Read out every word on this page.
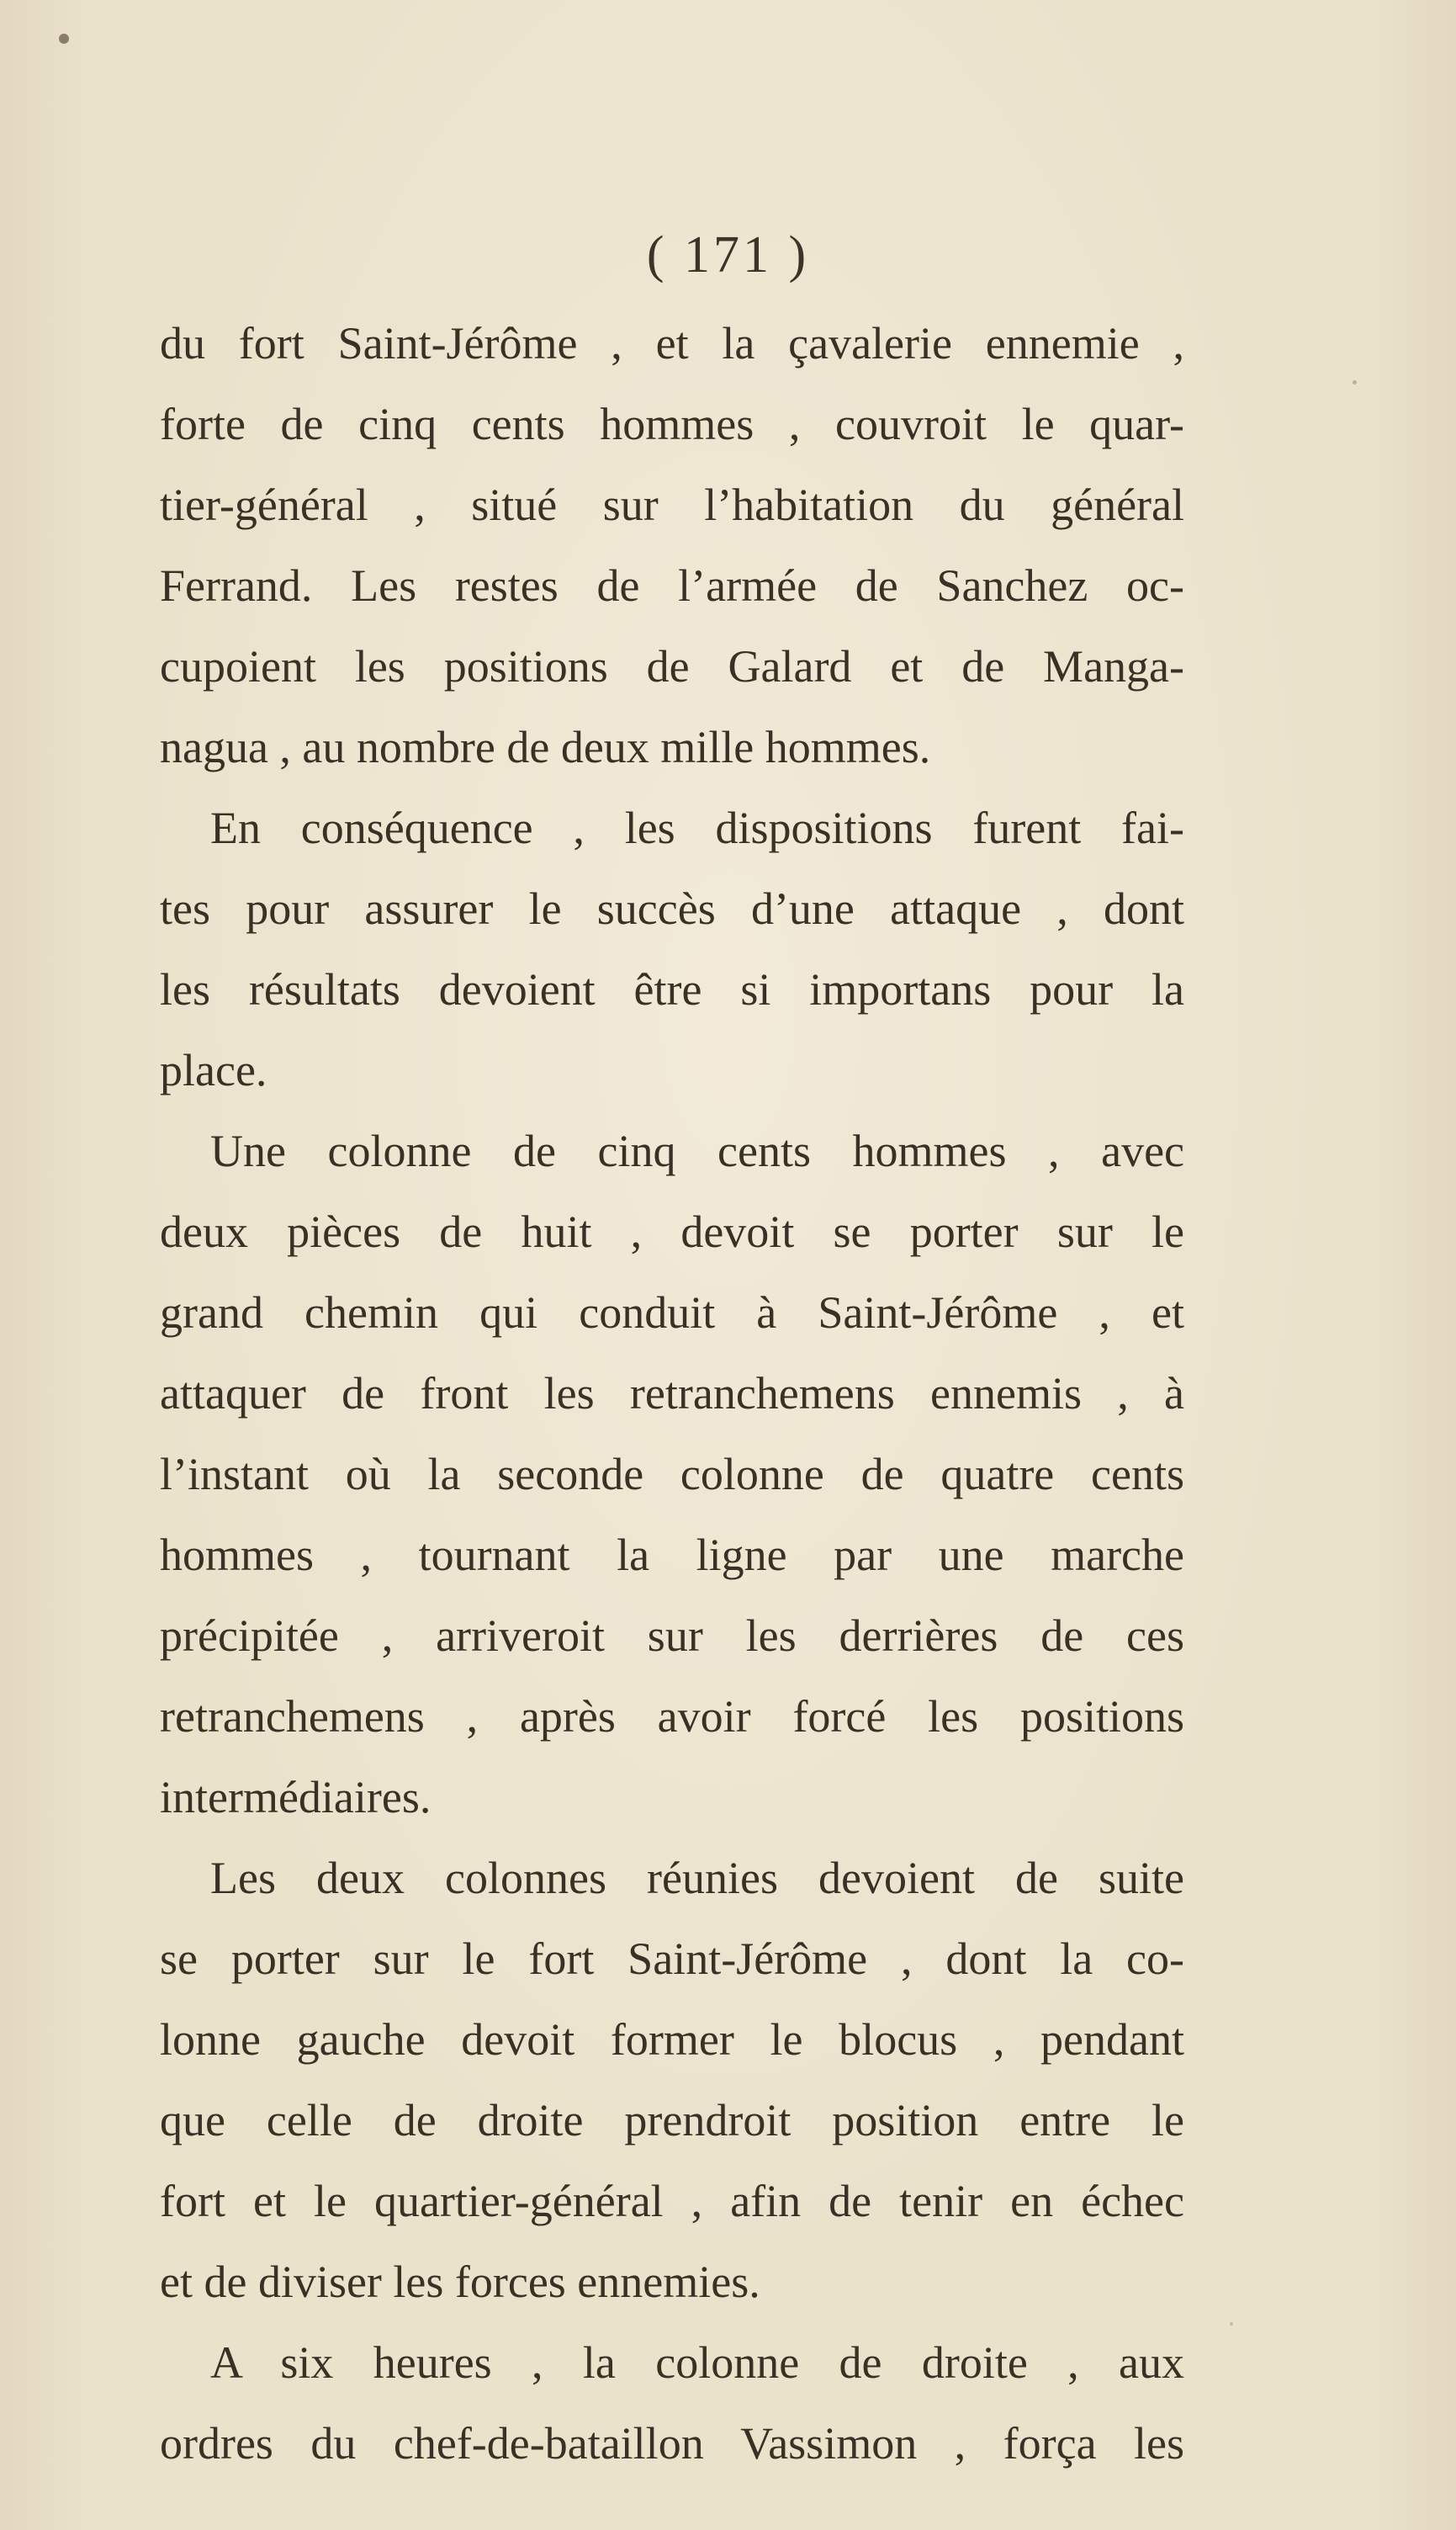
( 171 )
du fort Saint-Jérôme , et la çavalerie ennemie ,
forte de cinq cents hommes , couvroit le quar-
tier-général , situé sur l’habitation du général
Ferrand. Les restes de l’armée de Sanchez oc-
cupoient les positions de Galard et de Manga-
nagua , au nombre de deux mille hommes.
En conséquence , les dispositions furent fai-
tes pour assurer le succès d’une attaque , dont
les résultats devoient être si importans pour la
place.
Une colonne de cinq cents hommes , avec
deux pièces de huit , devoit se porter sur le
grand chemin qui conduit à Saint-Jérôme , et
attaquer de front les retranchemens ennemis , à
l’instant où la seconde colonne de quatre cents
hommes , tournant la ligne par une marche
précipitée , arriveroit sur les derrières de ces
retranchemens , après avoir forcé les positions
intermédiaires.
Les deux colonnes réunies devoient de suite
se porter sur le fort Saint-Jérôme , dont la co-
lonne gauche devoit former le blocus , pendant
que celle de droite prendroit position entre le
fort et le quartier-général , afin de tenir en échec
et de diviser les forces ennemies.
A six heures , la colonne de droite , aux
ordres du chef-de-bataillon Vassimon , força les
